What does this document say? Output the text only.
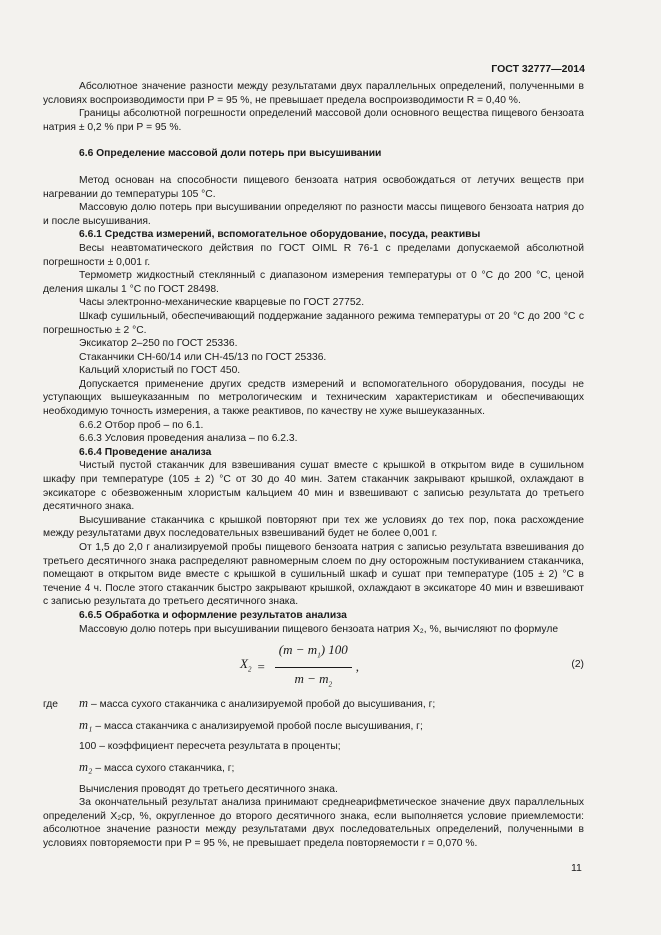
ГОСТ 32777—2014

Абсолютное значение разности между результатами двух параллельных определений, полученными в условиях воспроизводимости при Р = 95 %, не превышает предела воспроизводимости R = 0,40 %.

Границы абсолютной погрешности определений массовой доли основного вещества пищевого бензоата натрия ± 0,2 % при Р = 95 %.

6.6 Определение массовой доли потерь при высушивании

Метод основан на способности пищевого бензоата натрия освобождаться от летучих веществ при нагревании до температуры 105 °С.

Массовую долю потерь при высушивании определяют по разности массы пищевого бензоата натрия до и после высушивания.

6.6.1 Средства измерений, вспомогательное оборудование, посуда, реактивы

Весы неавтоматического действия по ГОСТ OIML R 76-1 с пределами допускаемой абсолютной погрешности ± 0,001 г.

Термометр жидкостный стеклянный с диапазоном измерения температуры от 0 °С до 200 °С, ценой деления шкалы 1 °С по ГОСТ 28498.

Часы электронно-механические кварцевые по ГОСТ 27752.

Шкаф сушильный, обеспечивающий поддержание заданного режима температуры от 20 °С до 200 °С с погрешностью ± 2 °С.

Эксикатор 2–250 по ГОСТ 25336.

Стаканчики СН-60/14 или СН-45/13 по ГОСТ 25336.

Кальций хлористый по ГОСТ 450.

Допускается применение других средств измерений и вспомогательного оборудования, посуды не уступающих вышеуказанным по метрологическим и техническим характеристикам и обеспечивающих необходимую точность измерения, а также реактивов, по качеству не хуже вышеуказанных.

6.6.2 Отбор проб – по 6.1.

6.6.3 Условия проведения анализа – по 6.2.3.

6.6.4 Проведение анализа

Чистый пустой стаканчик для взвешивания сушат вместе с крышкой в открытом виде в сушильном шкафу при температуре (105 ± 2) °С от 30 до 40 мин. Затем стаканчик закрывают крышкой, охлаждают в эксикаторе с обезвоженным хлористым кальцием 40 мин и взвешивают с записью результата до третьего десятичного знака.

Высушивание стаканчика с крышкой повторяют при тех же условиях до тех пор, пока расхождение между результатами двух последовательных взвешиваний будет не более 0,001 г.

От 1,5 до 2,0 г анализируемой пробы пищевого бензоата натрия с записью результата взвешивания до третьего десятичного знака распределяют равномерным слоем по дну осторожным постукиванием стаканчика, помещают в открытом виде вместе с крышкой в сушильный шкаф и сушат при температуре (105 ± 2) °С в течение 4 ч. После этого стаканчик быстро закрывают крышкой, охлаждают в эксикаторе 40 мин и взвешивают с записью результата до третьего десятичного знака.

6.6.5 Обработка и оформление результатов анализа

Массовую долю потерь при высушивании пищевого бензоата натрия X₂, %, вычисляют по формуле

$X_2 = \frac{(m - m_1) 100}{m - m_2}$ ,	(2)
где	m – масса сухого стаканчика с анализируемой пробой до высушивания, г;
m₁ – масса стаканчика с анализируемой пробой после высушивания, г;
100 – коэффициент пересчета результата в проценты;
m₂ – масса сухого стаканчика, г;

Вычисления проводят до третьего десятичного знака.

За окончательный результат анализа принимают среднеарифметическое значение двух параллельных определений X₂ср, %, округленное до второго десятичного знака, если выполняется условие приемлемости: абсолютное значение разности между результатами двух последовательных определений, полученными в условиях повторяемости при Р = 95 %, не превышает предела повторяемости r = 0,070 %.

11
